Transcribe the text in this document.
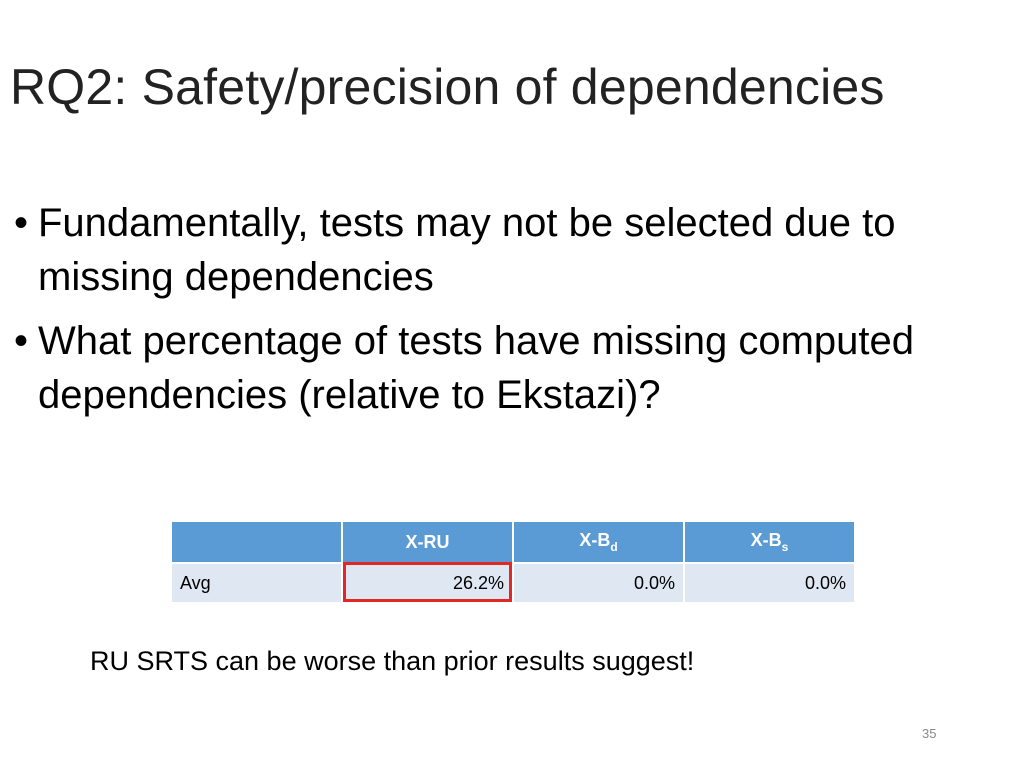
RQ2: Safety/precision of dependencies
• Fundamentally, tests may not be selected due to missing dependencies
• What percentage of tests have missing computed dependencies (relative to Ekstazi)?
	X-RU	$X-B_d$	$X-B_s$
Avg	26.2%	0.0%	0.0%
RU SRTS can be worse than prior results suggest!
35
